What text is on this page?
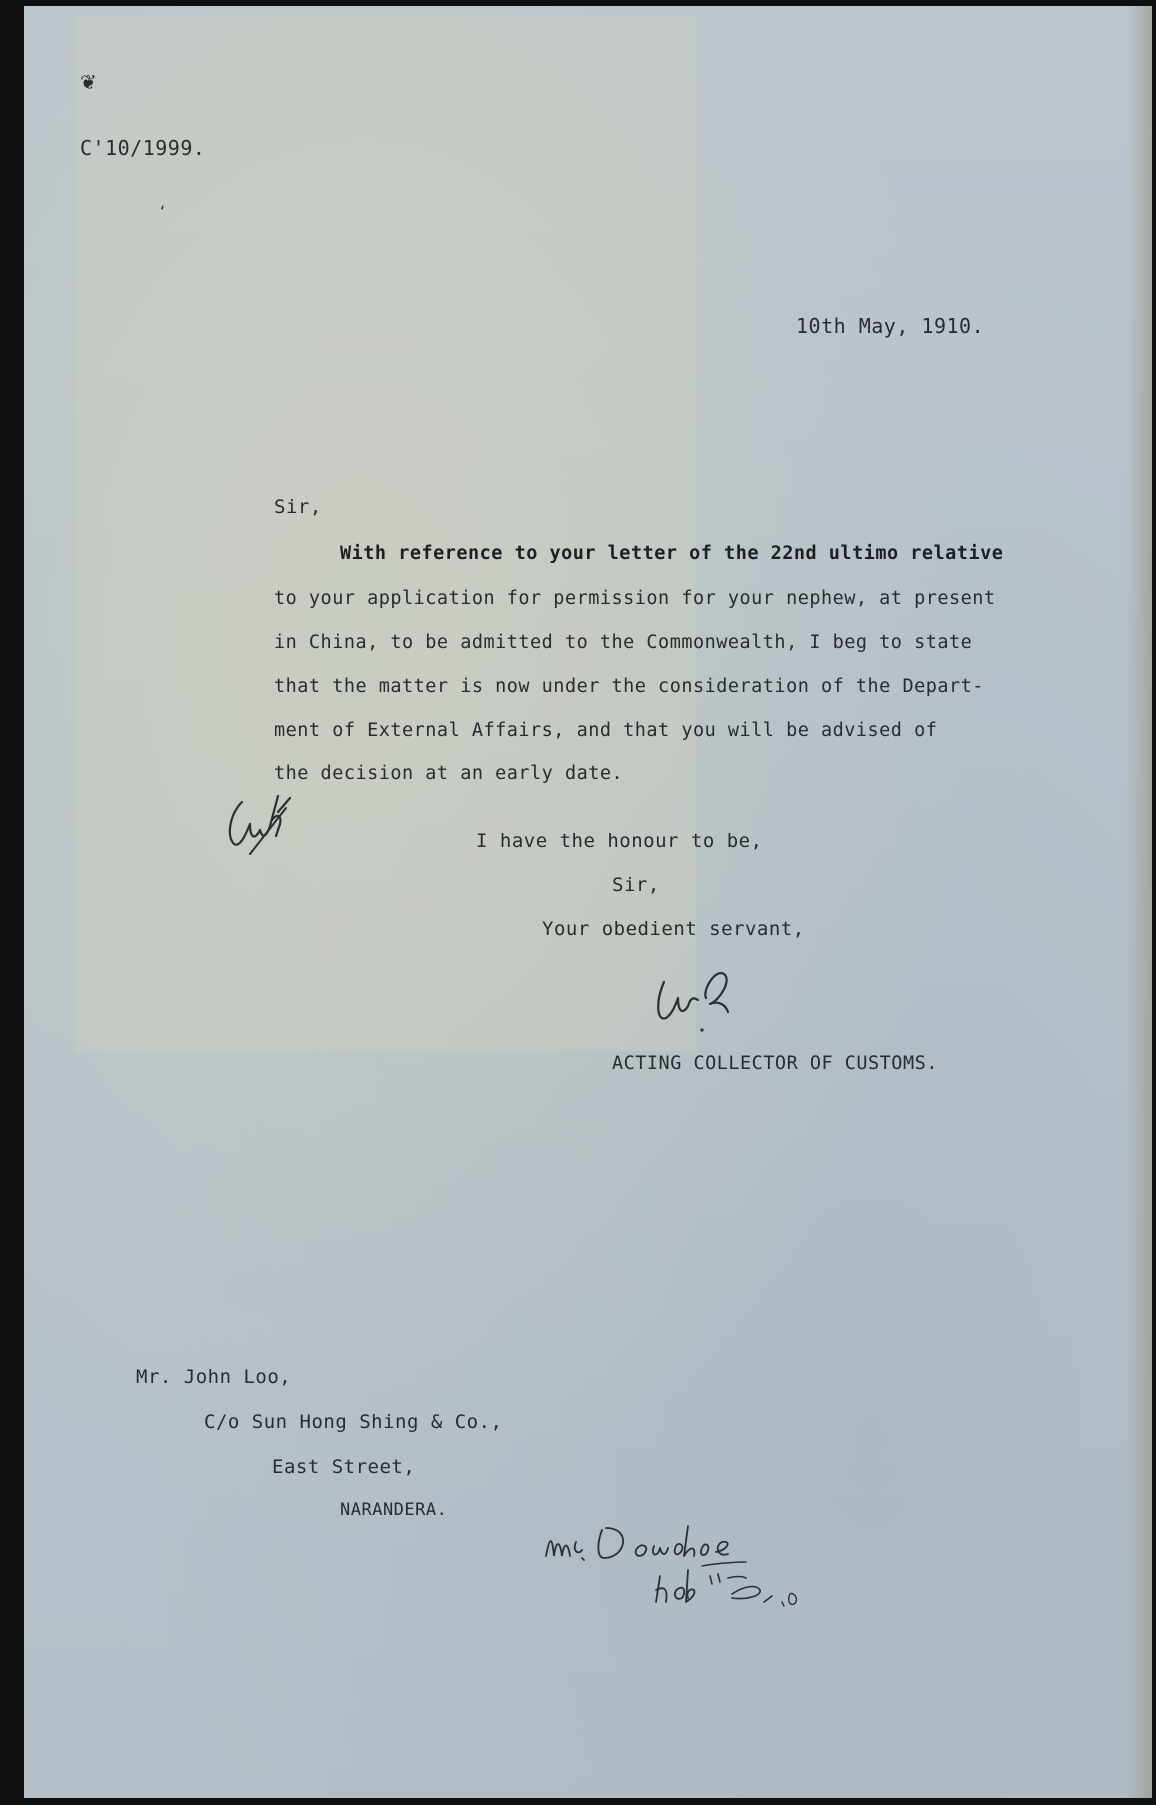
❦
‘
C'10/1999.
10th May, 1910.
Sir,
With reference to your letter of the 22nd ultimo relative
to your application for permission for your nephew, at present
in China, to be admitted to the Commonwealth, I beg to state
that the matter is now under the consideration of the Depart-
ment of External Affairs, and that you will be advised of
the decision at an early date.
I have the honour to be,
Sir,
Your obedient servant,
ACTING COLLECTOR OF CUSTOMS.
Mr. John Loo,
C/o Sun Hong Shing & Co.,
East Street,
NARANDERA.
